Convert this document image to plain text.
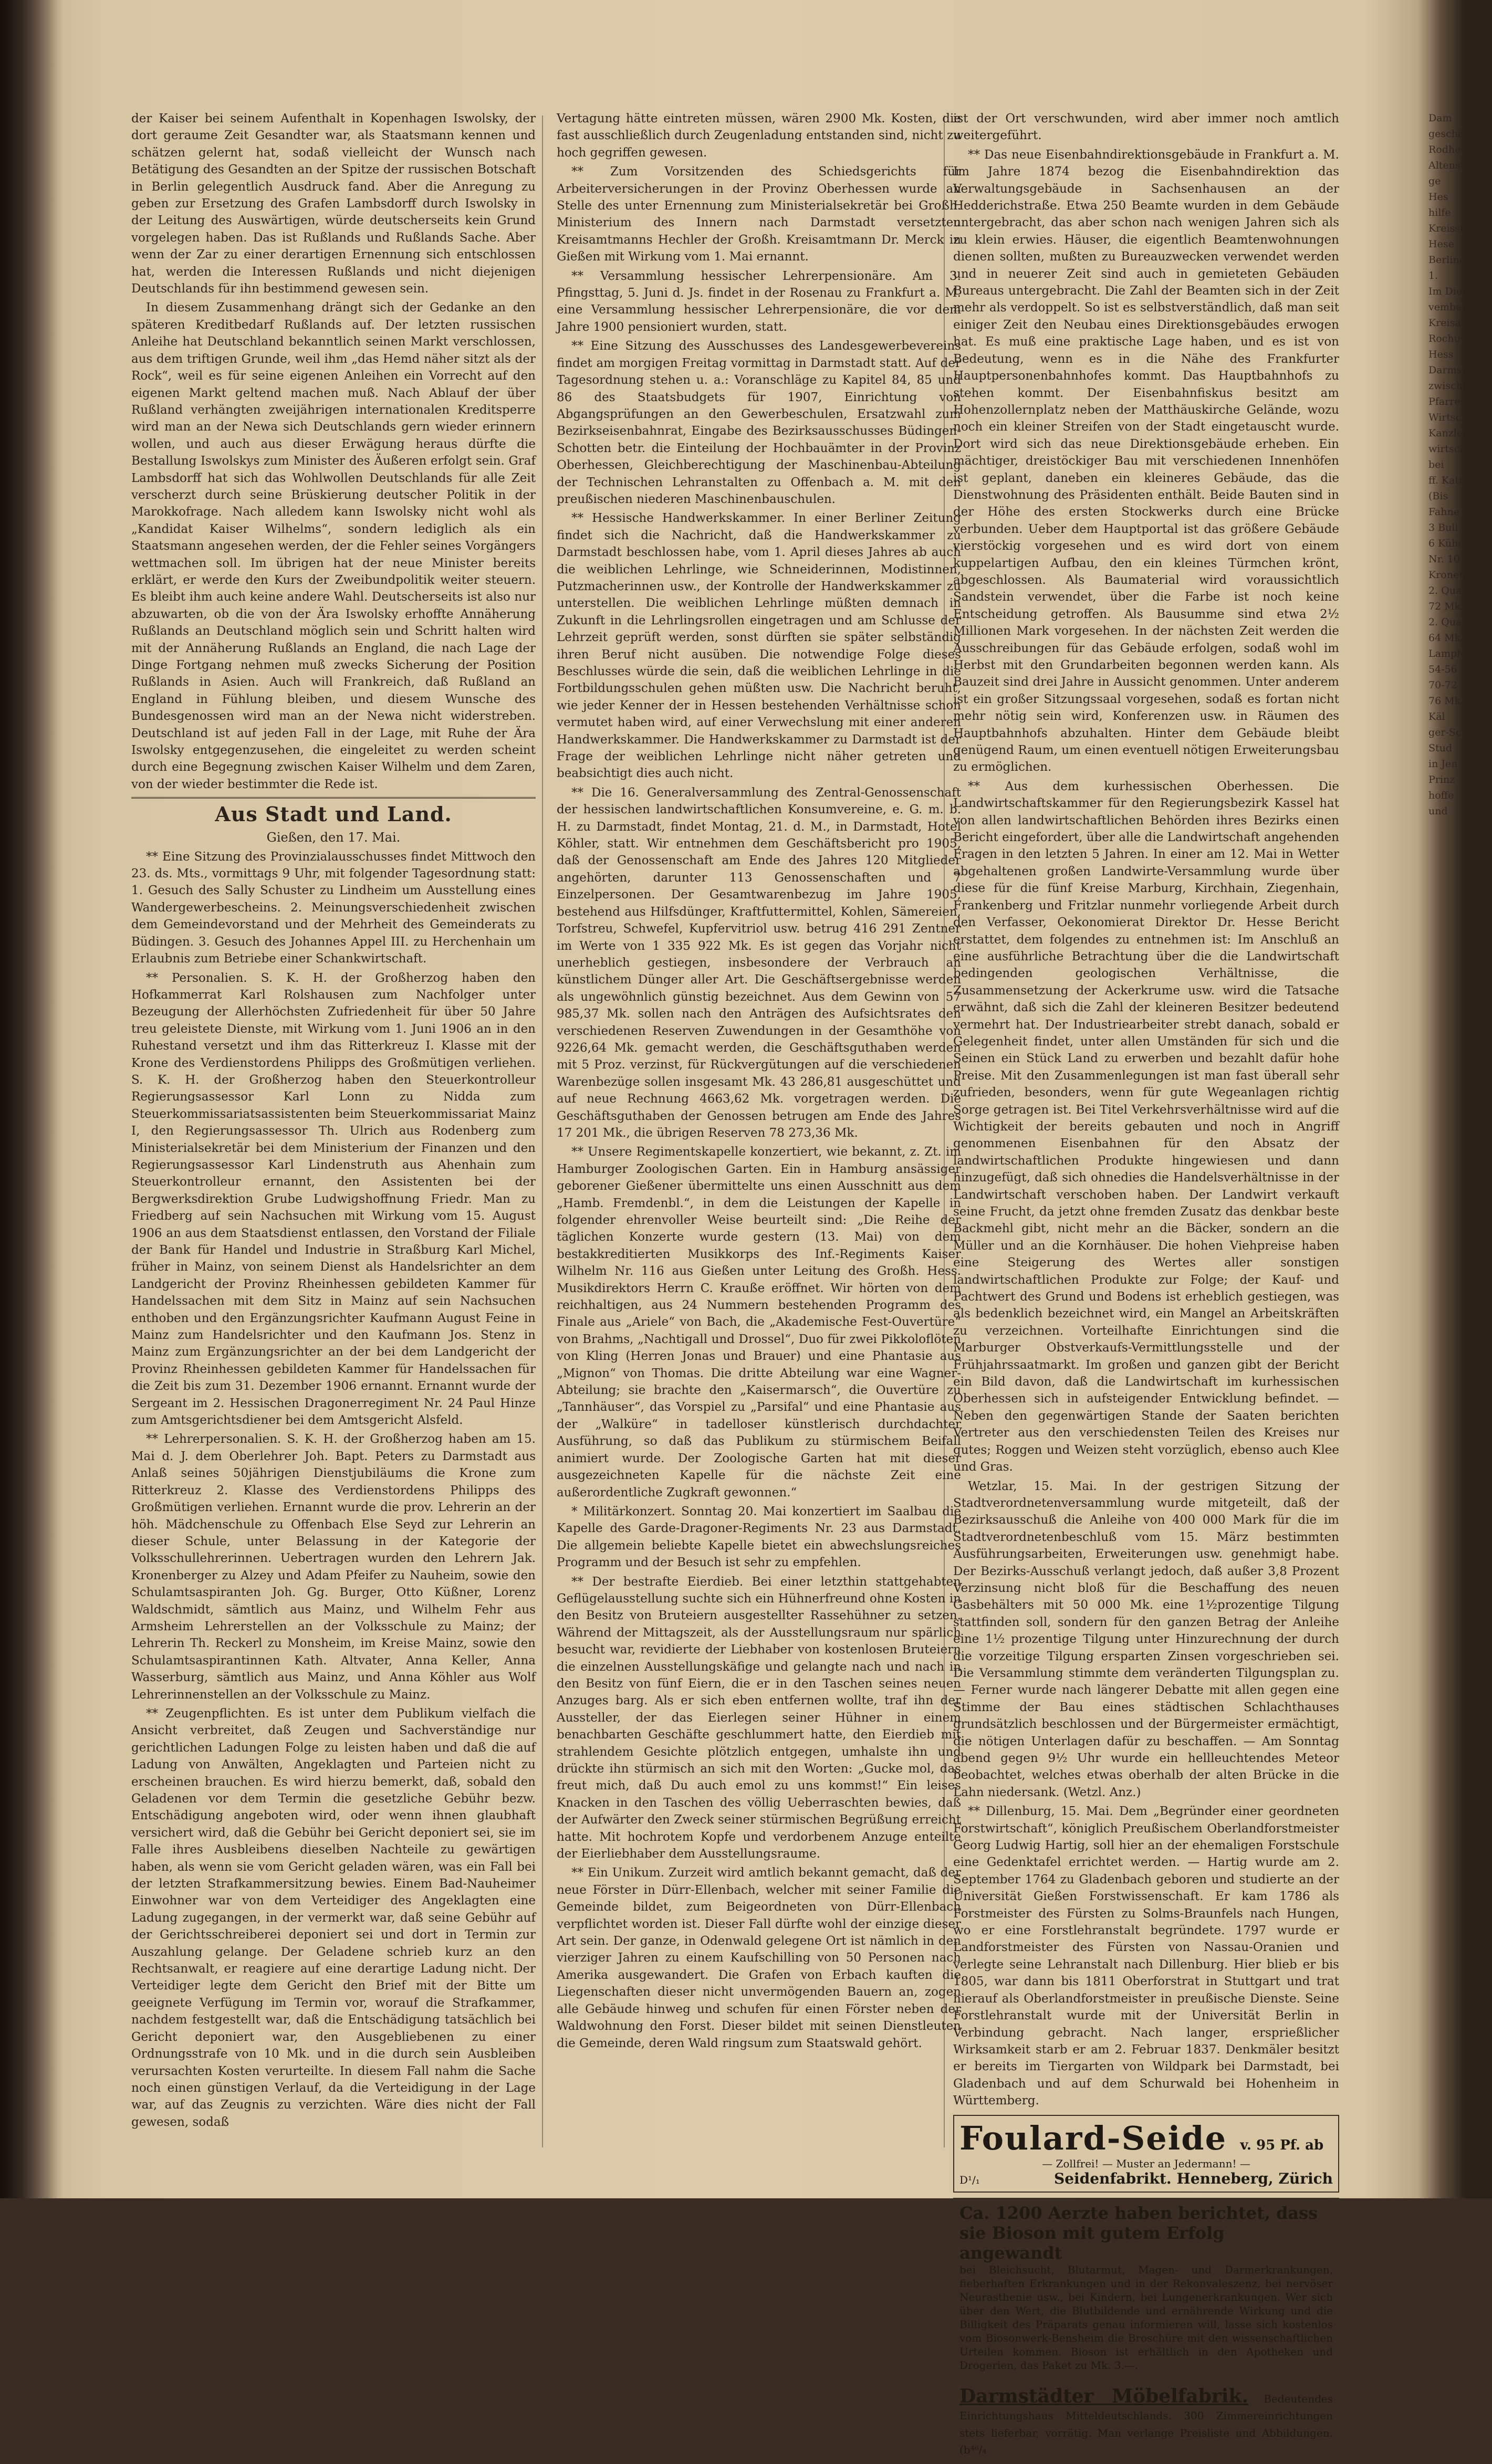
der Kaiser bei seinem Aufenthalt in Kopenhagen Iswolsky, der dort geraume Zeit Gesandter war, als Staatsmann kennen und schätzen gelernt hat, sodaß vielleicht der Wunsch nach Betätigung des Gesandten an der Spitze der russischen Botschaft in Berlin gelegentlich Ausdruck fand. Aber die Anregung zu geben zur Ersetzung des Grafen Lambsdorff durch Iswolsky in der Leitung des Auswärtigen, würde deutscherseits kein Grund vorgelegen haben. Das ist Rußlands und Rußlands Sache. Aber wenn der Zar zu einer derartigen Ernennung sich entschlossen hat, werden die Interessen Rußlands und nicht diejenigen Deutschlands für ihn bestimmend gewesen sein.

In diesem Zusammenhang drängt sich der Gedanke an den späteren Kreditbedarf Rußlands auf. Der letzten russischen Anleihe hat Deutschland bekanntlich seinen Markt verschlossen, aus dem triftigen Grunde, weil ihm „das Hemd näher sitzt als der Rock“, weil es für seine eigenen Anleihen ein Vorrecht auf den eigenen Markt geltend machen muß. Nach Ablauf der über Rußland verhängten zweijährigen internationalen Kreditsperre wird man an der Newa sich Deutschlands gern wieder erinnern wollen, und auch aus dieser Erwägung heraus dürfte die Bestallung Iswolskys zum Minister des Äußeren erfolgt sein. Graf Lambsdorff hat sich das Wohlwollen Deutschlands für alle Zeit verscherzt durch seine Brüskierung deutscher Politik in der Marokkofrage. Nach alledem kann Iswolsky nicht wohl als „Kandidat Kaiser Wilhelms“, sondern lediglich als ein Staatsmann angesehen werden, der die Fehler seines Vorgängers wettmachen soll. Im übrigen hat der neue Minister bereits erklärt, er werde den Kurs der Zweibundpolitik weiter steuern. Es bleibt ihm auch keine andere Wahl. Deutscherseits ist also nur abzuwarten, ob die von der Ära Iswolsky erhoffte Annäherung Rußlands an Deutschland möglich sein und Schritt halten wird mit der Annäherung Rußlands an England, die nach Lage der Dinge Fortgang nehmen muß zwecks Sicherung der Position Rußlands in Asien. Auch will Frankreich, daß Rußland an England in Fühlung bleiben, und diesem Wunsche des Bundesgenossen wird man an der Newa nicht widerstreben. Deutschland ist auf jeden Fall in der Lage, mit Ruhe der Ära Iswolsky entgegenzusehen, die eingeleitet zu werden scheint durch eine Begegnung zwischen Kaiser Wilhelm und dem Zaren, von der wieder bestimmter die Rede ist.

Aus Stadt und Land.

Gießen, den 17. Mai.

** Eine Sitzung des Provinzialausschusses findet Mittwoch den 23. ds. Mts., vormittags 9 Uhr, mit folgender Tagesordnung statt: 1. Gesuch des Sally Schuster zu Lindheim um Ausstellung eines Wandergewerbescheins. 2. Meinungsverschiedenheit zwischen dem Gemeindevorstand und der Mehrheit des Gemeinderats zu Büdingen. 3. Gesuch des Johannes Appel III. zu Herchenhain um Erlaubnis zum Betriebe einer Schankwirtschaft.

** Personalien. S. K. H. der Großherzog haben den Hofkammerrat Karl Rolshausen zum Nachfolger unter Bezeugung der Allerhöchsten Zufriedenheit für über 50 Jahre treu geleistete Dienste, mit Wirkung vom 1. Juni 1906 an in den Ruhestand versetzt und ihm das Ritterkreuz I. Klasse mit der Krone des Verdienstordens Philipps des Großmütigen verliehen. S. K. H. der Großherzog haben den Steuerkontrolleur Regierungsassessor Karl Lonn zu Nidda zum Steuerkommissariatsassistenten beim Steuerkommissariat Mainz I, den Regierungsassessor Th. Ulrich aus Rodenberg zum Ministerialsekretär bei dem Ministerium der Finanzen und den Regierungsassessor Karl Lindenstruth aus Ahenhain zum Steuerkontrolleur ernannt, den Assistenten bei der Bergwerksdirektion Grube Ludwigshoffnung Friedr. Man zu Friedberg auf sein Nachsuchen mit Wirkung vom 15. August 1906 an aus dem Staatsdienst entlassen, den Vorstand der Filiale der Bank für Handel und Industrie in Straßburg Karl Michel, früher in Mainz, von seinem Dienst als Handelsrichter an dem Landgericht der Provinz Rheinhessen gebildeten Kammer für Handelssachen mit dem Sitz in Mainz auf sein Nachsuchen enthoben und den Ergänzungsrichter Kaufmann August Feine in Mainz zum Handelsrichter und den Kaufmann Jos. Stenz in Mainz zum Ergänzungsrichter an der bei dem Landgericht der Provinz Rheinhessen gebildeten Kammer für Handelssachen für die Zeit bis zum 31. Dezember 1906 ernannt. Ernannt wurde der Sergeant im 2. Hessischen Dragonerregiment Nr. 24 Paul Hinze zum Amtsgerichtsdiener bei dem Amtsgericht Alsfeld.

** Lehrerpersonalien. S. K. H. der Großherzog haben am 15. Mai d. J. dem Oberlehrer Joh. Bapt. Peters zu Darmstadt aus Anlaß seines 50jährigen Dienstjubiläums die Krone zum Ritterkreuz 2. Klasse des Verdienstordens Philipps des Großmütigen verliehen. Ernannt wurde die prov. Lehrerin an der höh. Mädchenschule zu Offenbach Else Seyd zur Lehrerin an dieser Schule, unter Belassung in der Kategorie der Volksschullehrerinnen. Uebertragen wurden den Lehrern Jak. Kronenberger zu Alzey und Adam Pfeifer zu Nauheim, sowie den Schulamtsaspiranten Joh. Gg. Burger, Otto Küßner, Lorenz Waldschmidt, sämtlich aus Mainz, und Wilhelm Fehr aus Armsheim Lehrerstellen an der Volksschule zu Mainz; der Lehrerin Th. Reckerl zu Monsheim, im Kreise Mainz, sowie den Schulamtsaspirantinnen Kath. Altvater, Anna Keller, Anna Wasserburg, sämtlich aus Mainz, und Anna Köhler aus Wolf Lehrerinnenstellen an der Volksschule zu Mainz.

** Zeugenpflichten. Es ist unter dem Publikum vielfach die Ansicht verbreitet, daß Zeugen und Sachverständige nur gerichtlichen Ladungen Folge zu leisten haben und daß die auf Ladung von Anwälten, Angeklagten und Parteien nicht zu erscheinen brauchen. Es wird hierzu bemerkt, daß, sobald den Geladenen vor dem Termin die gesetzliche Gebühr bezw. Entschädigung angeboten wird, oder wenn ihnen glaubhaft versichert wird, daß die Gebühr bei Gericht deponiert sei, sie im Falle ihres Ausbleibens dieselben Nachteile zu gewärtigen haben, als wenn sie vom Gericht geladen wären, was ein Fall bei der letzten Strafkammersitzung bewies. Einem Bad-Nauheimer Einwohner war von dem Verteidiger des Angeklagten eine Ladung zugegangen, in der vermerkt war, daß seine Gebühr auf der Gerichtsschreiberei deponiert sei und dort in Termin zur Auszahlung gelange. Der Geladene schrieb kurz an den Rechtsanwalt, er reagiere auf eine derartige Ladung nicht. Der Verteidiger legte dem Gericht den Brief mit der Bitte um geeignete Verfügung im Termin vor, worauf die Strafkammer, nachdem festgestellt war, daß die Entschädigung tatsächlich bei Gericht deponiert war, den Ausgebliebenen zu einer Ordnungsstrafe von 10 Mk. und in die durch sein Ausbleiben verursachten Kosten verurteilte. In diesem Fall nahm die Sache noch einen günstigen Verlauf, da die Verteidigung in der Lage war, auf das Zeugnis zu verzichten. Wäre dies nicht der Fall gewesen, sodaß

Vertagung hätte eintreten müssen, wären 2900 Mk. Kosten, die fast ausschließlich durch Zeugenladung entstanden sind, nicht zu hoch gegriffen gewesen.

** Zum Vorsitzenden des Schiedsgerichts für Arbeiterversicherungen in der Provinz Oberhessen wurde an Stelle des unter Ernennung zum Ministerialsekretär bei Großh. Ministerium des Innern nach Darmstadt versetzten Kreisamtmanns Hechler der Großh. Kreisamtmann Dr. Merck in Gießen mit Wirkung vom 1. Mai ernannt.

** Versammlung hessischer Lehrerpensionäre. Am 3. Pfingsttag, 5. Juni d. Js. findet in der Rosenau zu Frankfurt a. M. eine Versammlung hessischer Lehrerpensionäre, die vor dem Jahre 1900 pensioniert wurden, statt.

** Eine Sitzung des Ausschusses des Landesgewerbevereins findet am morgigen Freitag vormittag in Darmstadt statt. Auf der Tagesordnung stehen u. a.: Voranschläge zu Kapitel 84, 85 und 86 des Staatsbudgets für 1907, Einrichtung von Abgangsprüfungen an den Gewerbeschulen, Ersatzwahl zum Bezirkseisenbahnrat, Eingabe des Bezirksausschusses Büdingen-Schotten betr. die Einteilung der Hochbauämter in der Provinz Oberhessen, Gleichberechtigung der Maschinenbau-Abteilung der Technischen Lehranstalten zu Offenbach a. M. mit den preußischen niederen Maschinenbauschulen.

** Hessische Handwerkskammer. In einer Berliner Zeitung findet sich die Nachricht, daß die Handwerkskammer zu Darmstadt beschlossen habe, vom 1. April dieses Jahres ab auch die weiblichen Lehrlinge, wie Schneiderinnen, Modistinnen, Putzmacherinnen usw., der Kontrolle der Handwerkskammer zu unterstellen. Die weiblichen Lehrlinge müßten demnach in Zukunft in die Lehrlingsrollen eingetragen und am Schlusse der Lehrzeit geprüft werden, sonst dürften sie später selbständig ihren Beruf nicht ausüben. Die notwendige Folge dieses Beschlusses würde die sein, daß die weiblichen Lehrlinge in die Fortbildungsschulen gehen müßten usw. Die Nachricht beruht, wie jeder Kenner der in Hessen bestehenden Verhältnisse schon vermutet haben wird, auf einer Verwechslung mit einer anderen Handwerkskammer. Die Handwerkskammer zu Darmstadt ist der Frage der weiblichen Lehrlinge nicht näher getreten und beabsichtigt dies auch nicht.

** Die 16. Generalversammlung des Zentral-Genossenschaft der hessischen landwirtschaftlichen Konsumvereine, e. G. m. b. H. zu Darmstadt, findet Montag, 21. d. M., in Darmstadt, Hotel Köhler, statt. Wir entnehmen dem Geschäftsbericht pro 1905, daß der Genossenschaft am Ende des Jahres 120 Mitglieder angehörten, darunter 113 Genossenschaften und 7 Einzelpersonen. Der Gesamtwarenbezug im Jahre 1905, bestehend aus Hilfsdünger, Kraftfuttermittel, Kohlen, Sämereien, Torfstreu, Schwefel, Kupfervitriol usw. betrug 416 291 Zentner im Werte von 1 335 922 Mk. Es ist gegen das Vorjahr nicht unerheblich gestiegen, insbesondere der Verbrauch an künstlichem Dünger aller Art. Die Geschäftsergebnisse werden als ungewöhnlich günstig bezeichnet. Aus dem Gewinn von 57 985,37 Mk. sollen nach den Anträgen des Aufsichtsrates den verschiedenen Reserven Zuwendungen in der Gesamthöhe von 9226,64 Mk. gemacht werden, die Geschäftsguthaben werden mit 5 Proz. verzinst, für Rückvergütungen auf die verschiedenen Warenbezüge sollen insgesamt Mk. 43 286,81 ausgeschüttet und auf neue Rechnung 4663,62 Mk. vorgetragen werden. Die Geschäftsguthaben der Genossen betrugen am Ende des Jahres 17 201 Mk., die übrigen Reserven 78 273,36 Mk.

** Unsere Regimentskapelle konzertiert, wie bekannt, z. Zt. im Hamburger Zoologischen Garten. Ein in Hamburg ansässiger geborener Gießener übermittelte uns einen Ausschnitt aus dem „Hamb. Fremdenbl.“, in dem die Leistungen der Kapelle in folgender ehrenvoller Weise beurteilt sind: „Die Reihe der täglichen Konzerte wurde gestern (13. Mai) von dem bestakkreditierten Musikkorps des Inf.-Regiments Kaiser Wilhelm Nr. 116 aus Gießen unter Leitung des Großh. Hess. Musikdirektors Herrn C. Krauße eröffnet. Wir hörten von dem reichhaltigen, aus 24 Nummern bestehenden Programm des Finale aus „Ariele“ von Bach, die „Akademische Fest-Ouvertüre“ von Brahms, „Nachtigall und Drossel“, Duo für zwei Pikkoloflöten von Kling (Herren Jonas und Brauer) und eine Phantasie aus „Mignon“ von Thomas. Die dritte Abteilung war eine Wagner-Abteilung; sie brachte den „Kaisermarsch“, die Ouvertüre zu „Tannhäuser“, das Vorspiel zu „Parsifal“ und eine Phantasie aus der „Walküre“ in tadelloser künstlerisch durchdachter Ausführung, so daß das Publikum zu stürmischem Beifall animiert wurde. Der Zoologische Garten hat mit dieser ausgezeichneten Kapelle für die nächste Zeit eine außerordentliche Zugkraft gewonnen.“

* Militärkonzert. Sonntag 20. Mai konzertiert im Saalbau die Kapelle des Garde-Dragoner-Regiments Nr. 23 aus Darmstadt. Die allgemein beliebte Kapelle bietet ein abwechslungsreiches Programm und der Besuch ist sehr zu empfehlen.

** Der bestrafte Eierdieb. Bei einer letzthin stattgehabten Geflügelausstellung suchte sich ein Hühnerfreund ohne Kosten in den Besitz von Bruteiern ausgestellter Rassehühner zu setzen. Während der Mittagszeit, als der Ausstellungsraum nur spärlich besucht war, revidierte der Liebhaber von kostenlosen Bruteiern die einzelnen Ausstellungskäfige und gelangte nach und nach in den Besitz von fünf Eiern, die er in den Taschen seines neuen Anzuges barg. Als er sich eben entfernen wollte, traf ihn der Aussteller, der das Eierlegen seiner Hühner in einem benachbarten Geschäfte geschlummert hatte, den Eierdieb mit strahlendem Gesichte plötzlich entgegen, umhalste ihn und drückte ihn stürmisch an sich mit den Worten: „Gucke mol, das freut mich, daß Du auch emol zu uns kommst!“ Ein leises Knacken in den Taschen des völlig Ueberraschten bewies, daß der Aufwärter den Zweck seiner stürmischen Begrüßung erreicht hatte. Mit hochrotem Kopfe und verdorbenem Anzuge enteilte der Eierliebhaber dem Ausstellungsraume.

** Ein Unikum. Zurzeit wird amtlich bekannt gemacht, daß der neue Förster in Dürr-Ellenbach, welcher mit seiner Familie die Gemeinde bildet, zum Beigeordneten von Dürr-Ellenbach verpflichtet worden ist. Dieser Fall dürfte wohl der einzige dieser Art sein. Der ganze, in Odenwald gelegene Ort ist nämlich in den vierziger Jahren zu einem Kaufschilling von 50 Personen nach Amerika ausgewandert. Die Grafen von Erbach kauften die Liegenschaften dieser nicht unvermögenden Bauern an, zogen alle Gebäude hinweg und schufen für einen Förster neben der Waldwohnung den Forst. Dieser bildet mit seinen Dienstleuten die Gemeinde, deren Wald ringsum zum Staatswald gehört.

ist der Ort verschwunden, wird aber immer noch amtlich weitergeführt.

** Das neue Eisenbahndirektionsgebäude in Frankfurt a. M. Im Jahre 1874 bezog die Eisenbahndirektion das Verwaltungsgebäude in Sachsenhausen an der Hedderichstraße. Etwa 250 Beamte wurden in dem Gebäude untergebracht, das aber schon nach wenigen Jahren sich als zu klein erwies. Häuser, die eigentlich Beamtenwohnungen dienen sollten, mußten zu Bureauzwecken verwendet werden und in neuerer Zeit sind auch in gemieteten Gebäuden Bureaus untergebracht. Die Zahl der Beamten sich in der Zeit mehr als verdoppelt. So ist es selbstverständlich, daß man seit einiger Zeit den Neubau eines Direktionsgebäudes erwogen hat. Es muß eine praktische Lage haben, und es ist von Bedeutung, wenn es in die Nähe des Frankfurter Hauptpersonenbahnhofes kommt. Das Hauptbahnhofs zu stehen kommt. Der Eisenbahnfiskus besitzt am Hohenzollernplatz neben der Matthäuskirche Gelände, wozu noch ein kleiner Streifen von der Stadt eingetauscht wurde. Dort wird sich das neue Direktionsgebäude erheben. Ein mächtiger, dreistöckiger Bau mit verschiedenen Innenhöfen ist geplant, daneben ein kleineres Gebäude, das die Dienstwohnung des Präsidenten enthält. Beide Bauten sind in der Höhe des ersten Stockwerks durch eine Brücke verbunden. Ueber dem Hauptportal ist das größere Gebäude vierstöckig vorgesehen und es wird dort von einem kuppelartigen Aufbau, den ein kleines Türmchen krönt, abgeschlossen. Als Baumaterial wird voraussichtlich Sandstein verwendet, über die Farbe ist noch keine Entscheidung getroffen. Als Bausumme sind etwa 2½ Millionen Mark vorgesehen. In der nächsten Zeit werden die Ausschreibungen für das Gebäude erfolgen, sodaß wohl im Herbst mit den Grundarbeiten begonnen werden kann. Als Bauzeit sind drei Jahre in Aussicht genommen. Unter anderem ist ein großer Sitzungssaal vorgesehen, sodaß es fortan nicht mehr nötig sein wird, Konferenzen usw. in Räumen des Hauptbahnhofs abzuhalten. Hinter dem Gebäude bleibt genügend Raum, um einen eventuell nötigen Erweiterungsbau zu ermöglichen.

** Aus dem kurhessischen Oberhessen. Die Landwirtschaftskammer für den Regierungsbezirk Kassel hat von allen landwirtschaftlichen Behörden ihres Bezirks einen Bericht eingefordert, über alle die Landwirtschaft angehenden Fragen in den letzten 5 Jahren. In einer am 12. Mai in Wetter abgehaltenen großen Landwirte-Versammlung wurde über diese für die fünf Kreise Marburg, Kirchhain, Ziegenhain, Frankenberg und Fritzlar nunmehr vorliegende Arbeit durch den Verfasser, Oekonomierat Direktor Dr. Hesse Bericht erstattet, dem folgendes zu entnehmen ist: Im Anschluß an eine ausführliche Betrachtung über die die Landwirtschaft bedingenden geologischen Verhältnisse, die Zusammensetzung der Ackerkrume usw. wird die Tatsache erwähnt, daß sich die Zahl der kleineren Besitzer bedeutend vermehrt hat. Der Industriearbeiter strebt danach, sobald er Gelegenheit findet, unter allen Umständen für sich und die Seinen ein Stück Land zu erwerben und bezahlt dafür hohe Preise. Mit den Zusammenlegungen ist man fast überall sehr zufrieden, besonders, wenn für gute Wegeanlagen richtig Sorge getragen ist. Bei Titel Verkehrsverhältnisse wird auf die Wichtigkeit der bereits gebauten und noch in Angriff genommenen Eisenbahnen für den Absatz der landwirtschaftlichen Produkte hingewiesen und dann hinzugefügt, daß sich ohnedies die Handelsverhältnisse in der Landwirtschaft verschoben haben. Der Landwirt verkauft seine Frucht, da jetzt ohne fremden Zusatz das denkbar beste Backmehl gibt, nicht mehr an die Bäcker, sondern an die Müller und an die Kornhäuser. Die hohen Viehpreise haben eine Steigerung des Wertes aller sonstigen landwirtschaftlichen Produkte zur Folge; der Kauf- und Pachtwert des Grund und Bodens ist erheblich gestiegen, was als bedenklich bezeichnet wird, ein Mangel an Arbeitskräften zu verzeichnen. Vorteilhafte Einrichtungen sind die Marburger Obstverkaufs-Vermittlungsstelle und der Frühjahrssaatmarkt. Im großen und ganzen gibt der Bericht ein Bild davon, daß die Landwirtschaft im kurhessischen Oberhessen sich in aufsteigender Entwicklung befindet. — Neben den gegenwärtigen Stande der Saaten berichten Vertreter aus den verschiedensten Teilen des Kreises nur gutes; Roggen und Weizen steht vorzüglich, ebenso auch Klee und Gras.

Wetzlar, 15. Mai. In der gestrigen Sitzung der Stadtverordnetenversammlung wurde mitgeteilt, daß der Bezirksausschuß die Anleihe von 400 000 Mark für die im Stadtverordnetenbeschluß vom 15. März bestimmten Ausführungsarbeiten, Erweiterungen usw. genehmigt habe. Der Bezirks-Ausschuß verlangt jedoch, daß außer 3,8 Prozent Verzinsung nicht bloß für die Beschaffung des neuen Gasbehälters mit 50 000 Mk. eine 1½prozentige Tilgung stattfinden soll, sondern für den ganzen Betrag der Anleihe eine 1½ prozentige Tilgung unter Hinzurechnung der durch die vorzeitige Tilgung ersparten Zinsen vorgeschrieben sei. Die Versammlung stimmte dem veränderten Tilgungsplan zu. — Ferner wurde nach längerer Debatte mit allen gegen eine Stimme der Bau eines städtischen Schlachthauses grundsätzlich beschlossen und der Bürgermeister ermächtigt, die nötigen Unterlagen dafür zu beschaffen. — Am Sonntag abend gegen 9½ Uhr wurde ein hellleuchtendes Meteor beobachtet, welches etwas oberhalb der alten Brücke in die Lahn niedersank. (Wetzl. Anz.)

** Dillenburg, 15. Mai. Dem „Begründer einer geordneten Forstwirtschaft“, königlich Preußischem Oberlandforstmeister Georg Ludwig Hartig, soll hier an der ehemaligen Forstschule eine Gedenktafel errichtet werden. — Hartig wurde am 2. September 1764 zu Gladenbach geboren und studierte an der Universität Gießen Forstwissenschaft. Er kam 1786 als Forstmeister des Fürsten zu Solms-Braunfels nach Hungen, wo er eine Forstlehranstalt begründete. 1797 wurde er Landforstmeister des Fürsten von Nassau-Oranien und verlegte seine Lehranstalt nach Dillenburg. Hier blieb er bis 1805, war dann bis 1811 Oberforstrat in Stuttgart und trat hierauf als Oberlandforstmeister in preußische Dienste. Seine Forstlehranstalt wurde mit der Universität Berlin in Verbindung gebracht. Nach langer, ersprießlicher Wirksamkeit starb er am 2. Februar 1837. Denkmäler besitzt er bereits im Tiergarten von Wildpark bei Darmstadt, bei Gladenbach und auf dem Schurwald bei Hohenheim in Württemberg.

Foulard-Seide v. 95 Pf. ab
— Zollfrei! — Muster an Jedermann! —
D¹/₁	Seidenfabrikt. Henneberg, Zürich
Ca. 1200 Aerzte haben berichtet, dass sie Bioson mit gutem Erfolg angewandt
bei Bleichsucht, Blutarmut, Magen- und Darmerkrankungen, fieberhaften Erkrankungen und in der Rekonvaleszenz, bei nervöser Neurasthenie usw., bei Kindern, bei Lungenerkrankungen. Wer sich über den Wert, die Blutbildende und ernährende Wirkung und die Billigkeit des Präparats genau informieren will, lasse sich kostenlos vom Biosonwerk-Bensheim die Broschüre mit den wissenschaftlichen Urteilen kommen. Bioson ist erhältlich in den Apotheken und Drogerien, das Paket zu Mk. 3.—.
Darmstädter Möbelfabrik. Bedeutendes Einrichtungshaus Mitteldeutschlands. 300 Zimmereinrichtungen stets lieferbar, vorrätig. Man verlange Preisliste und Abbildungen. (b⁴⁶/₄
Dam
geschäftem
Rodheim
Altenstadt
ge
Hes
hilfe
Kreisstadt
Hese
Berliner
1.
Im Dien
vember
Kreisamtes
Rochus
Hess
Darmst
zwischen
Pfarrer
Wirtschaft
Kanzler
wirtschafts
bei
ff. Katt
(Bis
Fahne
3 Bull.
6 Kühe
Nr. 10
Kronen
2. Quali
72 Mk.
2. Quali
64 Mk.
Lampfel
54-56
70-72
76 Mk.
Käl
ger-Sch
Stud
in Jen
Prinz
hoffe
und
